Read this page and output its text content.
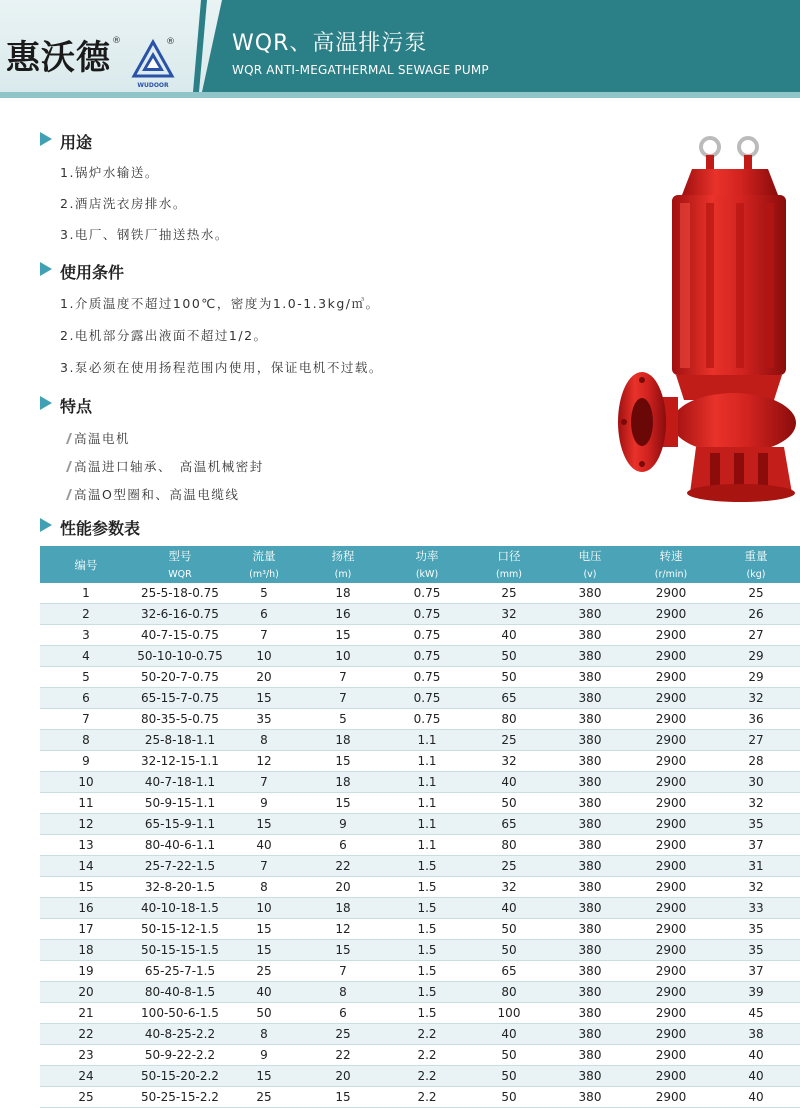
惠沃德 ®	®
WUDOOR
WQR、高温排污泵
WQR ANTI-MEGATHERMAL SEWAGE PUMP
用途
1.锅炉水输送。
2.酒店洗衣房排水。
3.电厂、钢铁厂抽送热水。
使用条件
1.介质温度不超过100℃，密度为1.0-1.3kg/㎥。
2.电机部分露出液面不超过1/2。
3.泵必须在使用扬程范围内使用，保证电机不过载。
特点
高温电机
高温进口轴承、　高温机械密封
高温O型圈和、高温电缆线
性能参数表
编号	型号	流量	扬程	功率	口径	电压	转速	重量
	WQR	(m³/h)	(m)	(kW)	(mm)	(v)	(r/min)	(kg)
1	25-5-18-0.75	5	18	0.75	25	380	2900	25
2	32-6-16-0.75	6	16	0.75	32	380	2900	26
3	40-7-15-0.75	7	15	0.75	40	380	2900	27
4	50-10-10-0.75	10	10	0.75	50	380	2900	29
5	50-20-7-0.75	20	7	0.75	50	380	2900	29
6	65-15-7-0.75	15	7	0.75	65	380	2900	32
7	80-35-5-0.75	35	5	0.75	80	380	2900	36
8	25-8-18-1.1	8	18	1.1	25	380	2900	27
9	32-12-15-1.1	12	15	1.1	32	380	2900	28
10	40-7-18-1.1	7	18	1.1	40	380	2900	30
11	50-9-15-1.1	9	15	1.1	50	380	2900	32
12	65-15-9-1.1	15	9	1.1	65	380	2900	35
13	80-40-6-1.1	40	6	1.1	80	380	2900	37
14	25-7-22-1.5	7	22	1.5	25	380	2900	31
15	32-8-20-1.5	8	20	1.5	32	380	2900	32
16	40-10-18-1.5	10	18	1.5	40	380	2900	33
17	50-15-12-1.5	15	12	1.5	50	380	2900	35
18	50-15-15-1.5	15	15	1.5	50	380	2900	35
19	65-25-7-1.5	25	7	1.5	65	380	2900	37
20	80-40-8-1.5	40	8	1.5	80	380	2900	39
21	100-50-6-1.5	50	6	1.5	100	380	2900	45
22	40-8-25-2.2	8	25	2.2	40	380	2900	38
23	50-9-22-2.2	9	22	2.2	50	380	2900	40
24	50-15-20-2.2	15	20	2.2	50	380	2900	40
25	50-25-15-2.2	25	15	2.2	50	380	2900	40
